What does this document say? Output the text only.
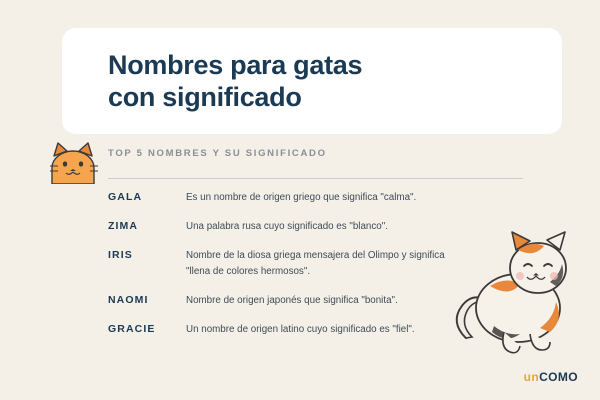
Nombres para gatas
con significado
TOP 5 NOMBRES Y SU SIGNIFICADO
GALA	Es un nombre de origen griego que significa "calma".
ZIMA	Una palabra rusa cuyo significado es "blanco".
IRIS	Nombre de la diosa griega mensajera del Olimpo y significa "llena de colores hermosos".
NAOMI	Nombre de origen japonés que significa "bonita".
GRACIE	Un nombre de origen latino cuyo significado es "fiel".
unCOMO
